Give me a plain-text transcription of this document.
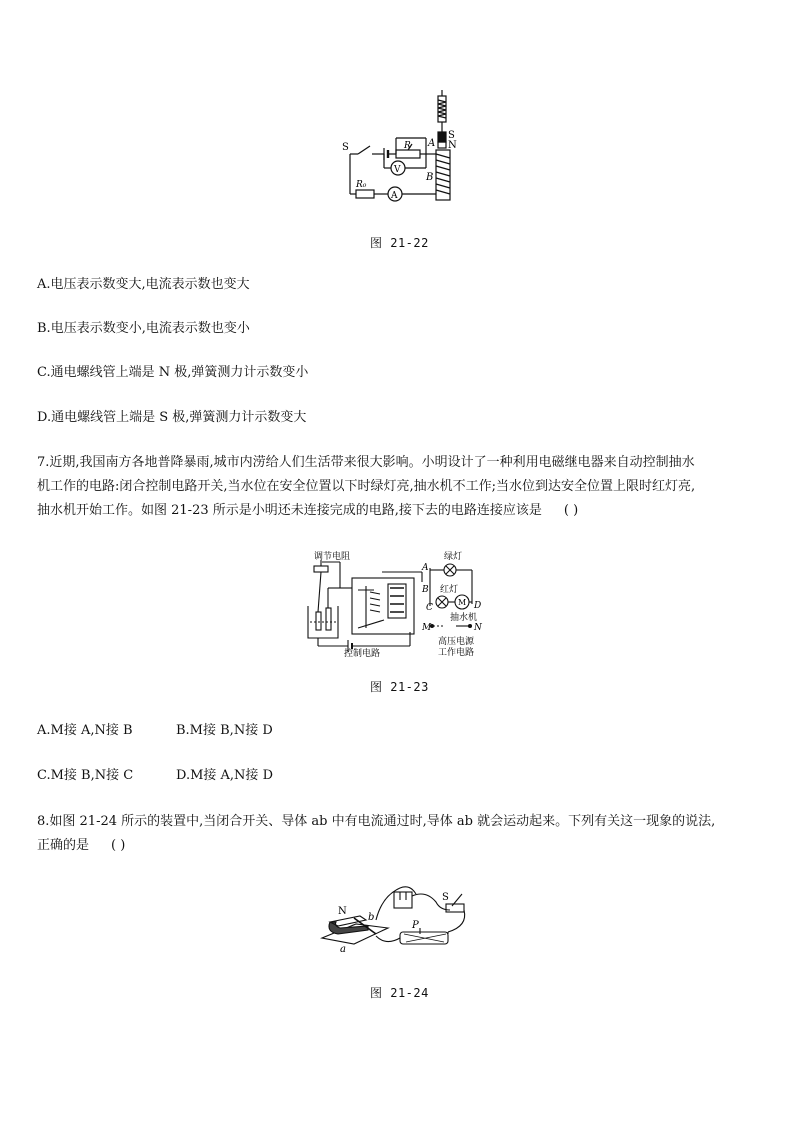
S	R
V
A
R₀
A
B
S
N
图 21-22
A.电压表示数变大,电流表示数也变大
B.电压表示数变小,电流表示数也变小
C.通电螺线管上端是 N 极,弹簧测力计示数变小
D.通电螺线管上端是 S 极,弹簧测力计示数变大
7.近期,我国南方各地普降暴雨,城市内涝给人们生活带来很大影响。小明设计了一种利用电磁继电器来自动控制抽水
机工作的电路:闭合控制电路开关,当水位在安全位置以下时绿灯亮,抽水机不工作;当水位到达安全位置上限时红灯亮,
抽水机开始工作。如图 21-23 所示是小明还未连接完成的电路,接下去的电路连接应该是 ( )
调节电阻	绿灯
红灯
M
抽水机
控制电路
高压电源
工作电路
A
B
C	D
M	N
图 21-23
A.M接 A,N接 B	B.M接 B,N接 D
C.M接 B,N接 C	D.M接 A,N接 D
8.如图 21-24 所示的装置中,当闭合开关、导体 ab 中有电流通过时,导体 ab 就会运动起来。下列有关这一现象的说法,
正确的是 ( )
N
b
a
P
S
图 21-24
